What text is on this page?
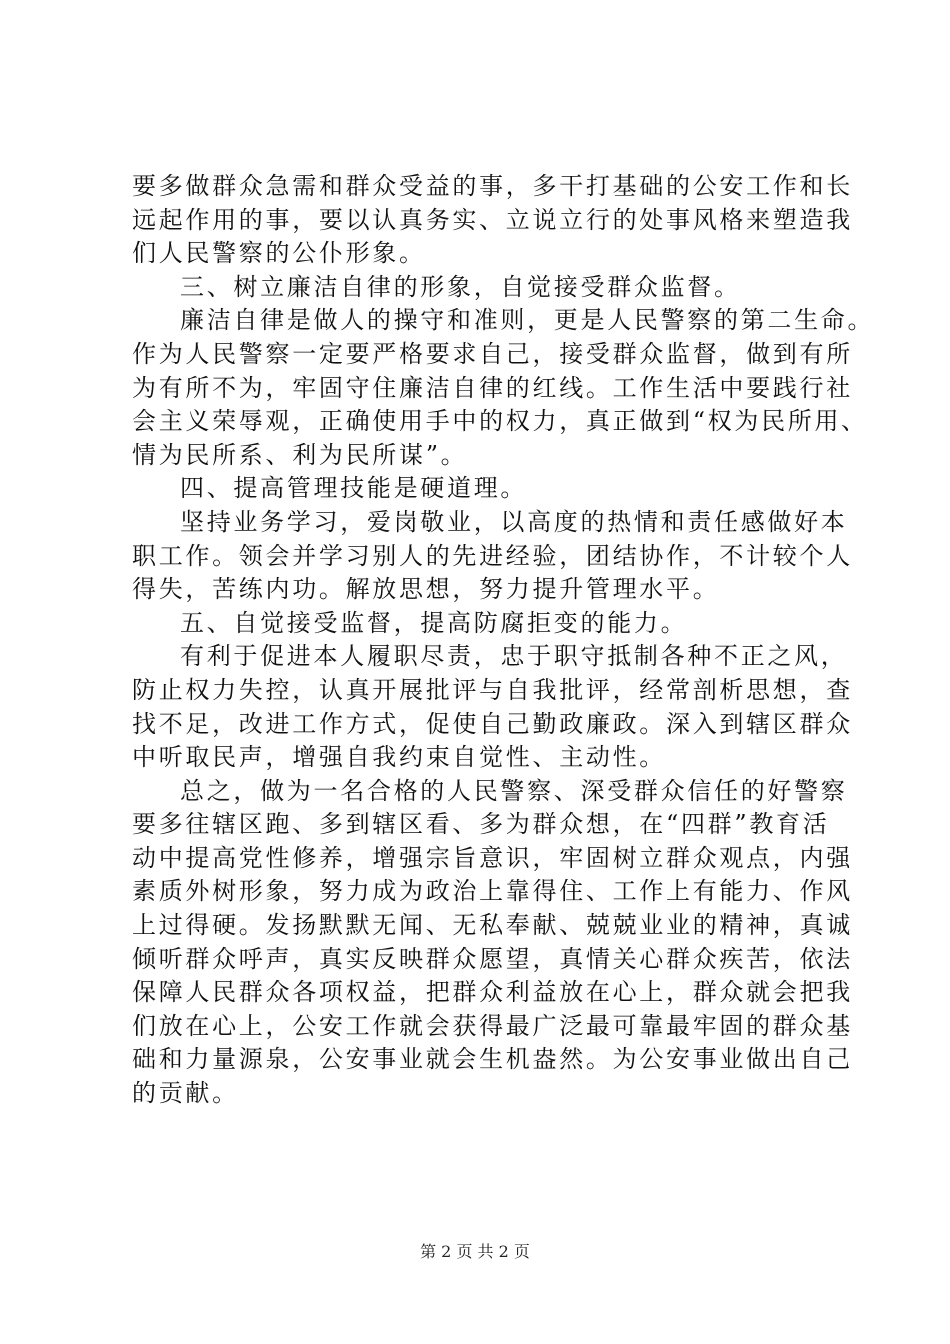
要多做群众急需和群众受益的事，多干打基础的公安工作和长
远起作用的事，要以认真务实、立说立行的处事风格来塑造我
们人民警察的公仆形象。
三、树立廉洁自律的形象，自觉接受群众监督。
廉洁自律是做人的操守和准则，更是人民警察的第二生命。
作为人民警察一定要严格要求自己，接受群众监督，做到有所
为有所不为，牢固守住廉洁自律的红线。工作生活中要践行社
会主义荣辱观，正确使用手中的权力，真正做到“权为民所用、
情为民所系、利为民所谋”。
四、提高管理技能是硬道理。
坚持业务学习，爱岗敬业，以高度的热情和责任感做好本
职工作。领会并学习别人的先进经验，团结协作，不计较个人
得失，苦练内功。解放思想，努力提升管理水平。
五、自觉接受监督，提高防腐拒变的能力。
有利于促进本人履职尽责，忠于职守抵制各种不正之风，
防止权力失控，认真开展批评与自我批评，经常剖析思想，查
找不足，改进工作方式，促使自己勤政廉政。深入到辖区群众
中听取民声，增强自我约束自觉性、主动性。
总之，做为一名合格的人民警察、深受群众信任的好警察
要多往辖区跑、多到辖区看、多为群众想，在“四群”教育活
动中提高党性修养，增强宗旨意识，牢固树立群众观点，内强
素质外树形象，努力成为政治上靠得住、工作上有能力、作风
上过得硬。发扬默默无闻、无私奉献、兢兢业业的精神，真诚
倾听群众呼声，真实反映群众愿望，真情关心群众疾苦，依法
保障人民群众各项权益，把群众利益放在心上，群众就会把我
们放在心上，公安工作就会获得最广泛最可靠最牢固的群众基
础和力量源泉，公安事业就会生机盎然。为公安事业做出自己
的贡献。
第 2 页 共 2 页
